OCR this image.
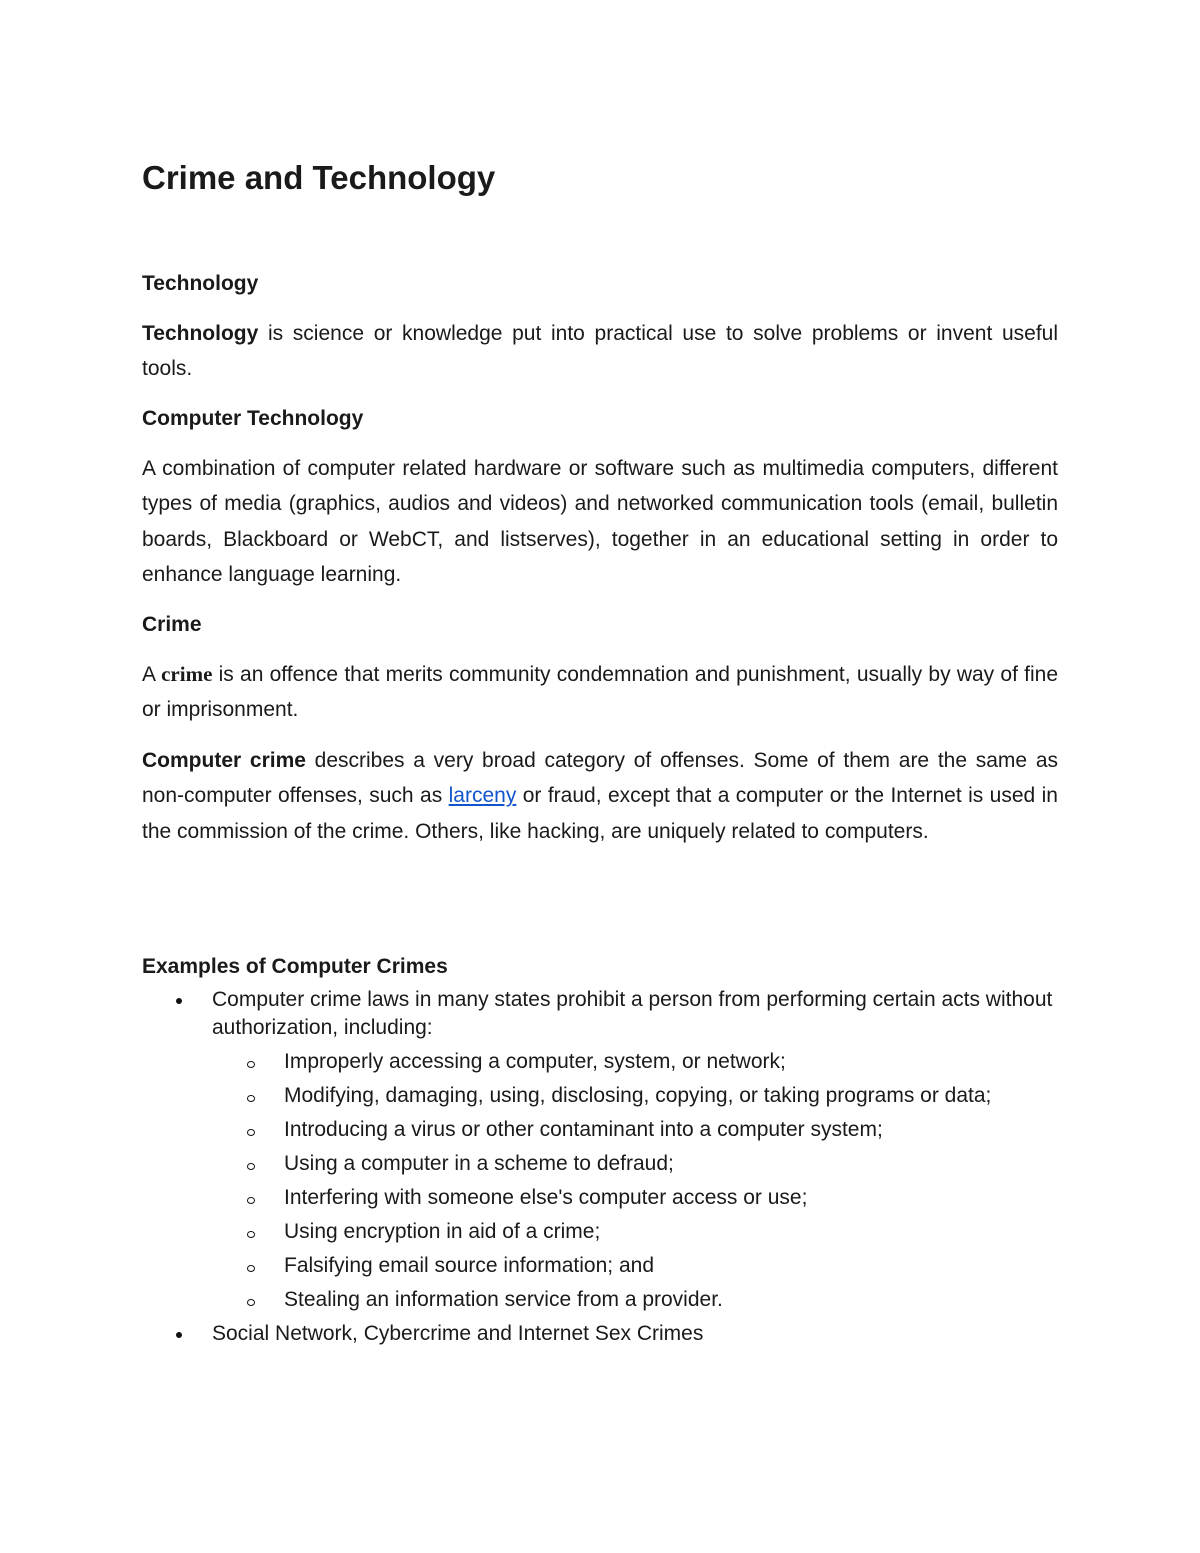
Crime and Technology
Technology

Technology is science or knowledge put into practical use to solve problems or invent useful tools.

Computer Technology

A combination of computer related hardware or software such as multimedia computers, different types of media (graphics, audios and videos) and networked communication tools (email, bulletin boards, Blackboard or WebCT, and listserves), together in an educational setting in order to enhance language learning.

Crime

A crime is an offence that merits community condemnation and punishment, usually by way of fine or imprisonment.

Computer crime describes a very broad category of offenses. Some of them are the same as non-computer offenses, such as larceny or fraud, except that a computer or the Internet is used in the commission of the crime. Others, like hacking, are uniquely related to computers.

Examples of Computer Crimes
Computer crime laws in many states prohibit a person from performing certain acts without authorization, including:
Improperly accessing a computer, system, or network;
Modifying, damaging, using, disclosing, copying, or taking programs or data;
Introducing a virus or other contaminant into a computer system;
Using a computer in a scheme to defraud;
Interfering with someone else's computer access or use;
Using encryption in aid of a crime;
Falsifying email source information; and
Stealing an information service from a provider.
Social Network, Cybercrime and Internet Sex Crimes
